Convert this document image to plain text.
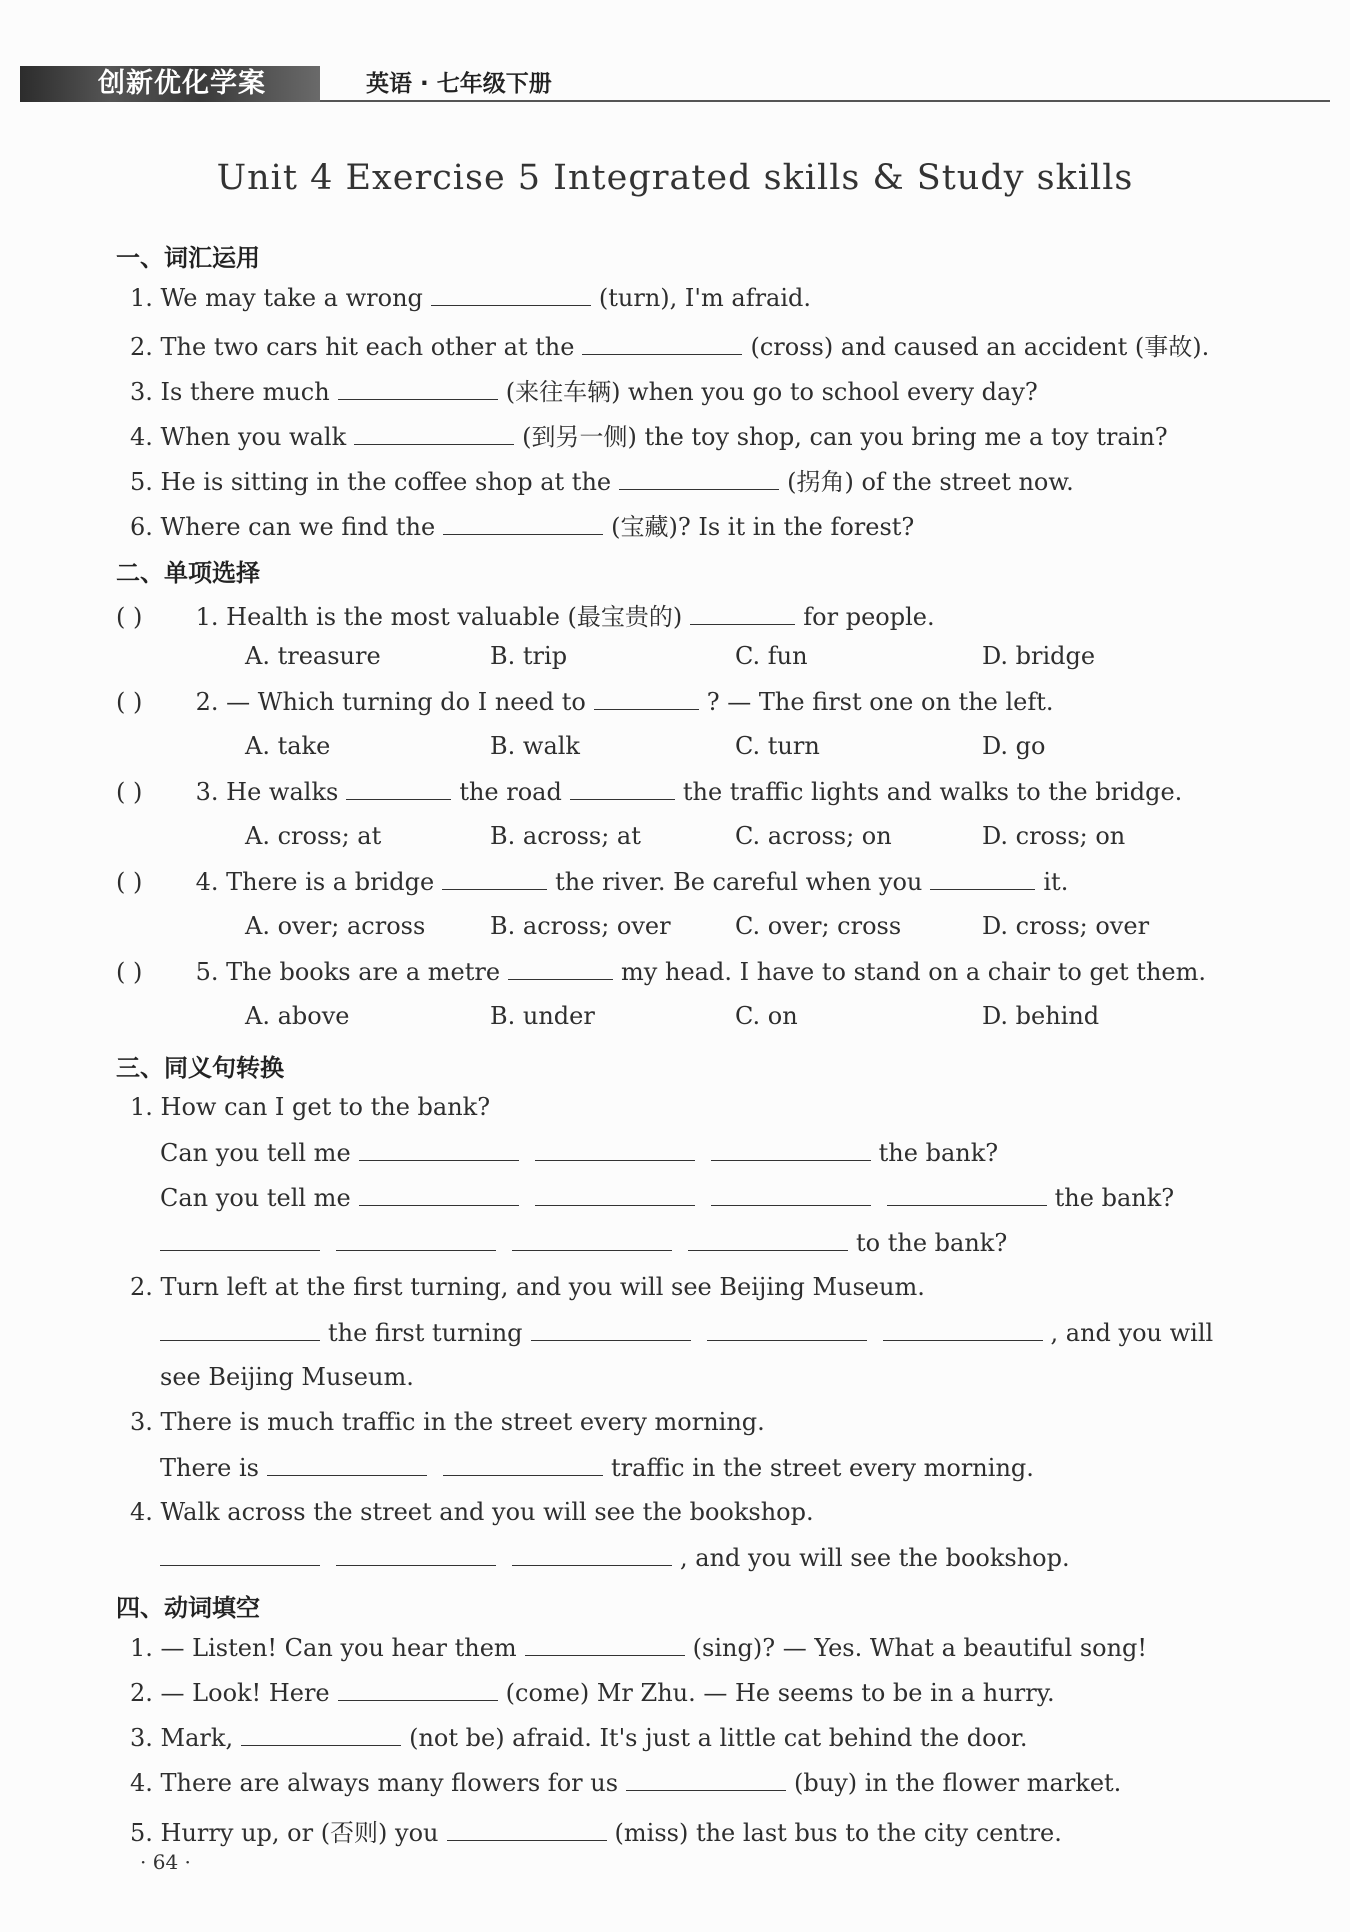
创新优化学案	英语 · 七年级下册
Unit 4 Exercise 5 Integrated skills & Study skills
一、词汇运用
1. We may take a wrong	(turn), I'm afraid.
2. The two cars hit each other at the	(cross) and caused an accident (事故).
3. Is there much	(来往车辆) when you go to school every day?
4. When you walk	(到另一侧) the toy shop, can you bring me a toy train?
5. He is sitting in the coffee shop at the	(拐角) of the street now.
6. Where can we find the	(宝藏)? Is it in the forest?
二、单项选择
( ) 1. Health is the most valuable (最宝贵的)	for people.
A. treasure	B. trip	C. fun	D. bridge
( ) 2. — Which turning do I need to	? — The first one on the left.
A. take	B. walk	C. turn	D. go
( ) 3. He walks	the road	the traffic lights and walks to the bridge.
A. cross; at	B. across; at	C. across; on	D. cross; on
( ) 4. There is a bridge	the river. Be careful when you	it.
A. over; across	B. across; over	C. over; cross	D. cross; over
( ) 5. The books are a metre	my head. I have to stand on a chair to get them.
A. above	B. under	C. on	D. behind
三、同义句转换
1. How can I get to the bank?
Can you tell me	the bank?
Can you tell me	the bank?
to the bank?
2. Turn left at the first turning, and you will see Beijing Museum.
the first turning	, and you will
see Beijing Museum.
3. There is much traffic in the street every morning.
There is	traffic in the street every morning.
4. Walk across the street and you will see the bookshop.
, and you will see the bookshop.
四、动词填空
1. — Listen! Can you hear them	(sing)? — Yes. What a beautiful song!
2. — Look! Here	(come) Mr Zhu. — He seems to be in a hurry.
3. Mark,	(not be) afraid. It's just a little cat behind the door.
4. There are always many flowers for us	(buy) in the flower market.
5. Hurry up, or (否则) you	(miss) the last bus to the city centre.
· 64 ·
